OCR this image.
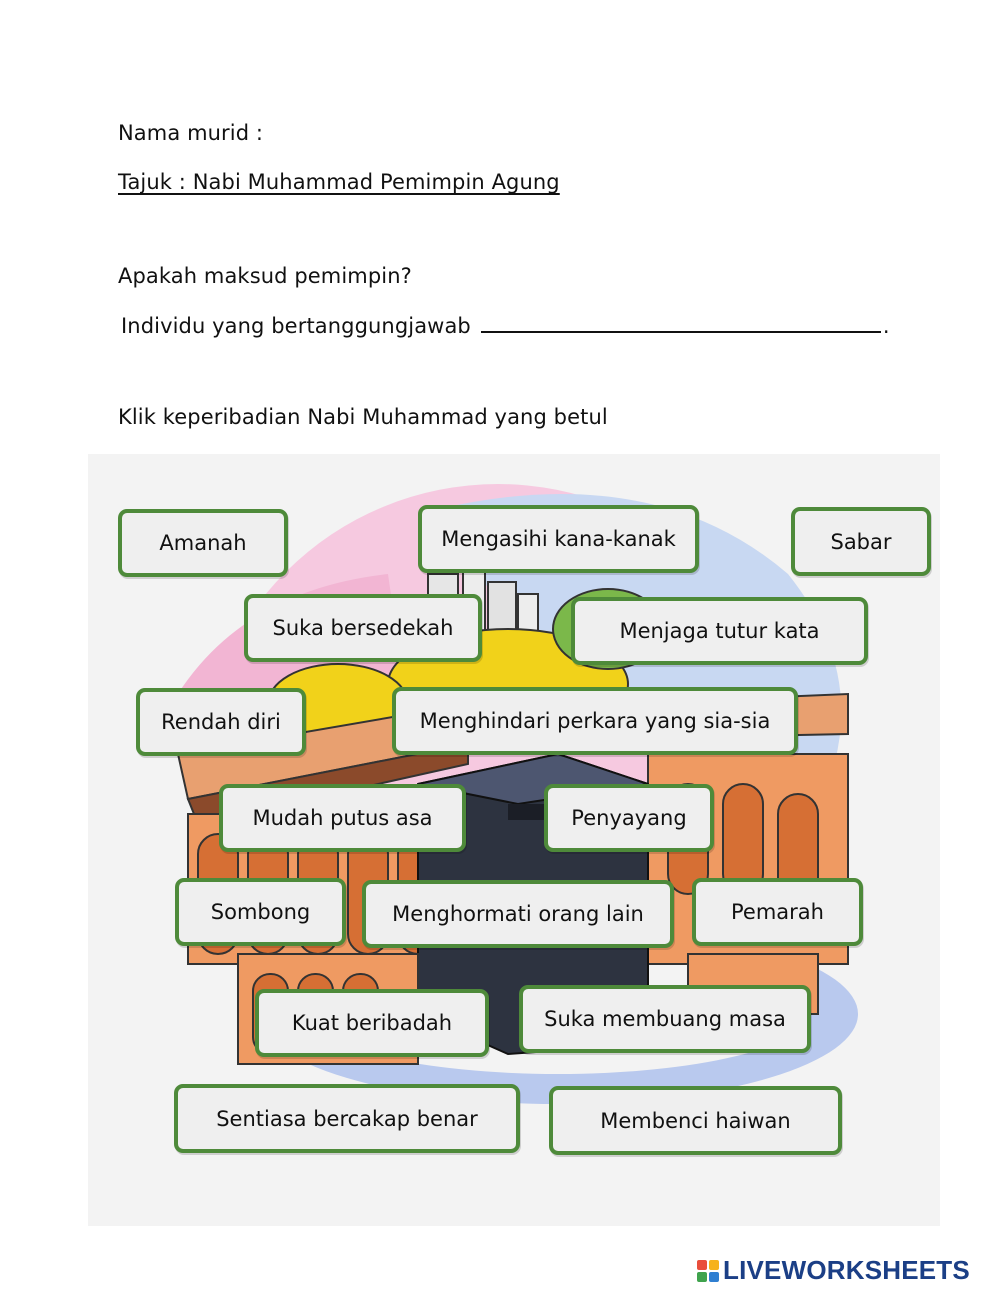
Nama murid :
Tajuk : Nabi Muhammad Pemimpin Agung
Apakah maksud pemimpin?
Individu yang bertanggungjawab	.
Klik keperibadian Nabi Muhammad yang betul
Amanah	Mengasihi kana-kanak	Sabar
Suka bersedekah	Menjaga tutur kata
Rendah diri	Menghindari perkara yang sia-sia
Mudah putus asa	Penyayang
Sombong	Menghormati orang lain	Pemarah
Kuat beribadah	Suka membuang masa
Sentiasa bercakap benar	Membenci haiwan
LIVEWORKSHEETS
